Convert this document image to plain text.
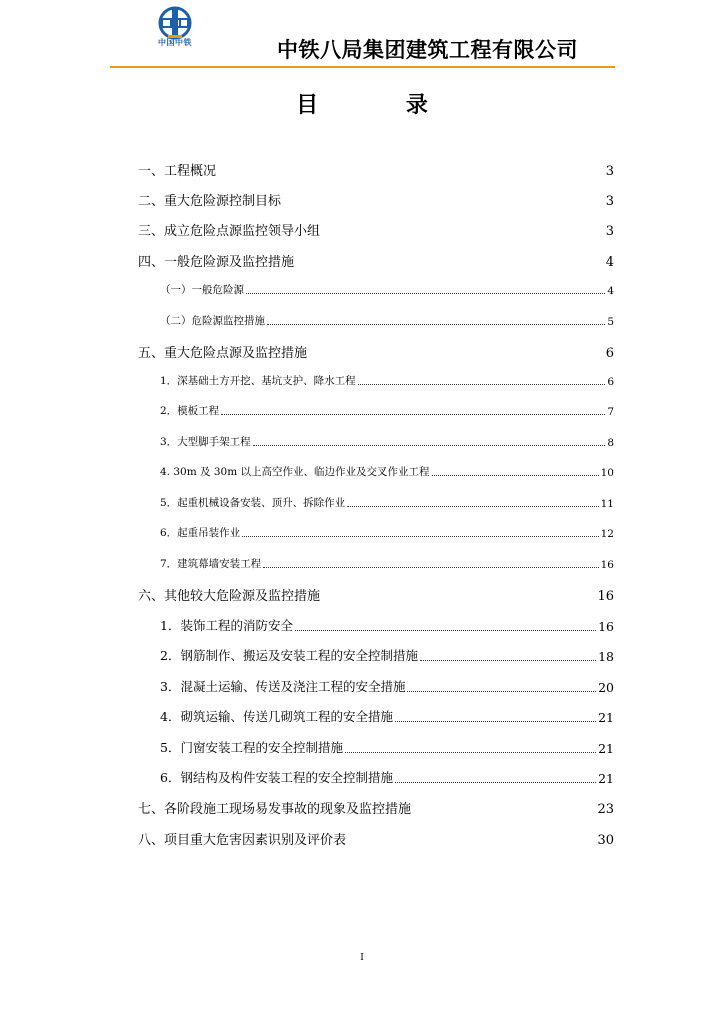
中国中铁	中铁八局集团建筑工程有限公司
目 录
一、工程概况	3
二、重大危险源控制目标	3
三、成立危险点源监控领导小组	3
四、一般危险源及监控措施	4
（一）一般危险源	4
（二）危险源监控措施	5
五、重大危险点源及监控措施	6
1．深基础土方开挖、基坑支护、降水工程	6
2．模板工程	7
3．大型脚手架工程	8
4. 30m 及 30m 以上高空作业、临边作业及交叉作业工程	10
5．起重机械设备安装、顶升、拆除作业	11
6．起重吊装作业	12
7．建筑幕墙安装工程	16
六、其他较大危险源及监控措施	16
1．装饰工程的消防安全	16
2．钢筋制作、搬运及安装工程的安全控制措施	18
3．混凝土运输、传送及浇注工程的安全措施	20
4．砌筑运输、传送几砌筑工程的安全措施	21
5．门窗安装工程的安全控制措施	21
6．钢结构及构件安装工程的安全控制措施	21
七、各阶段施工现场易发事故的现象及监控措施	23
八、项目重大危害因素识别及评价表	30
I
